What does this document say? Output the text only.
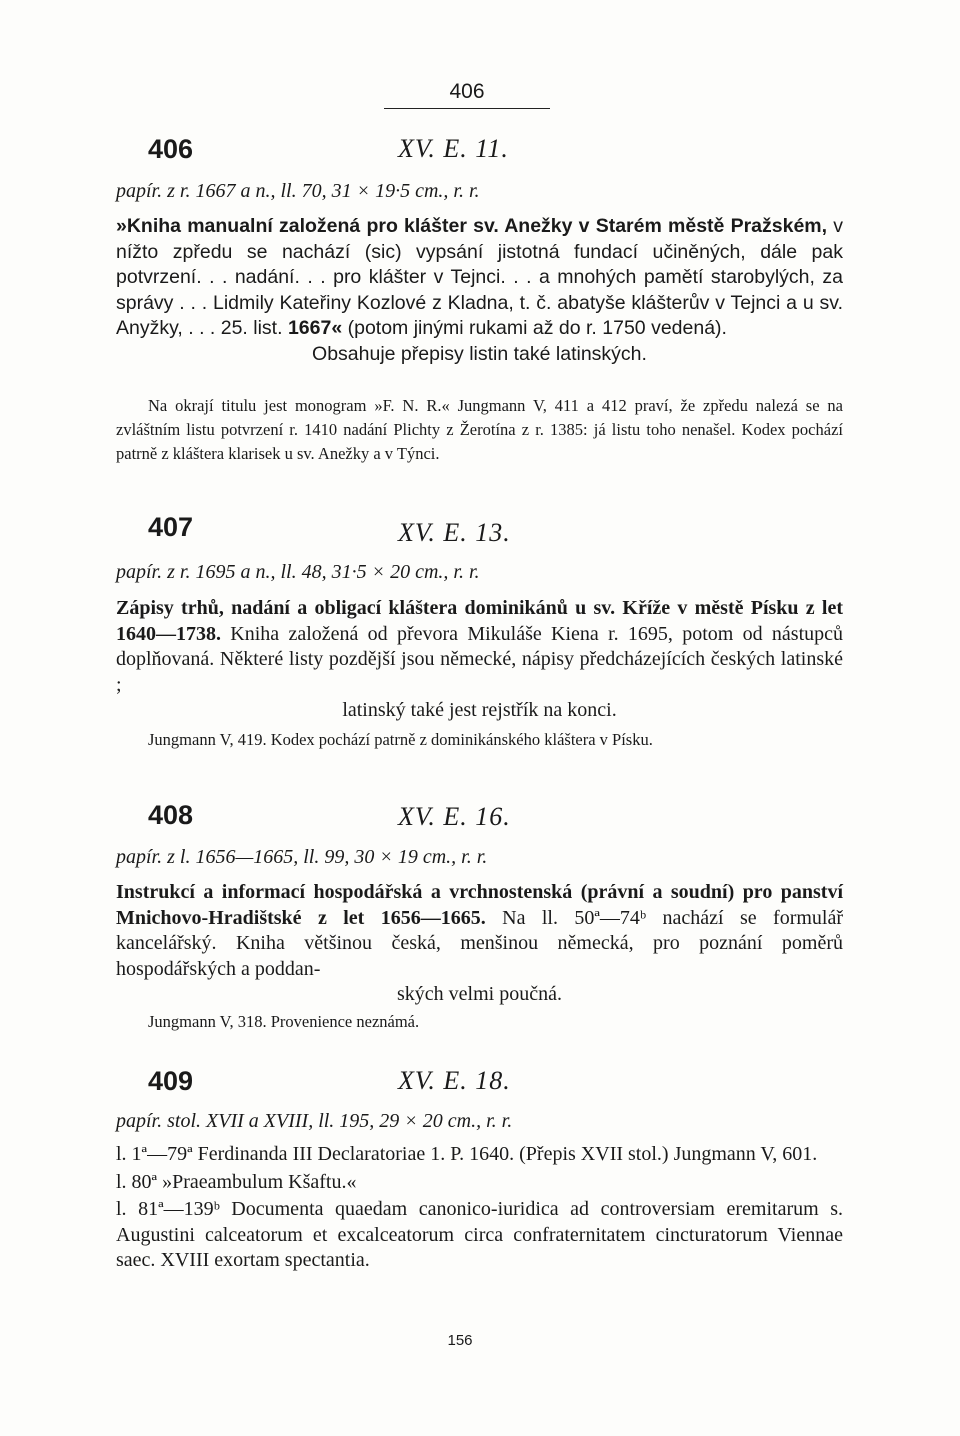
406
406	XV. E. 11.
papír. z r. 1667 a n., ll. 70, 31 × 19·5 cm., r. r.
»Kniha manualní založená pro klášter sv. Anežky v Starém městě Pražském, v nížto zpředu se nachází (sic) vypsání jistotná fundací učiněných, dále pak potvrzení. . . nadání. . . pro klášter v Tejnci. . . a mnohých pamětí starobylých, za správy . . . Lidmily Kateřiny Kozlové z Kladna, t. č. abatyše klášterův v Tejnci a u sv. Anyžky, . . . 25. list. 1667« (potom jinými rukami až do r. 1750 vedená).
Obsahuje přepisy listin také latinských.
Na okrají titulu jest monogram »F. N. R.« Jungmann V, 411 a 412 praví, že zpředu nalezá se na zvláštním listu potvrzení r. 1410 nadání Plichty z Žerotína z r. 1385: já listu toho nenašel. Kodex pochází patrně z kláštera klarisek u sv. Anežky a v Týnci.
407	XV. E. 13.
papír. z r. 1695 a n., ll. 48, 31·5 × 20 cm., r. r.
Zápisy trhů, nadání a obligací kláštera dominikánů u sv. Kříže v městě Písku z let 1640—1738. Kniha založená od převora Mikuláše Kiena r. 1695, potom od nástupců doplňovaná. Některé listy pozdější jsou německé, nápisy předcházejících českých latinské ;
latinský také jest rejstřík na konci.
Jungmann V, 419. Kodex pochází patrně z dominikánského kláštera v Písku.
408	XV. E. 16.
papír. z l. 1656—1665, ll. 99, 30 × 19 cm., r. r.
Instrukcí a informací hospodářská a vrchnostenská (právní a soudní) pro panství Mnichovo-Hradištské z let 1656—1665. Na ll. 50ª—74ᵇ nachází se formulář kancelářský. Kniha většinou česká, menšinou německá, pro poznání poměrů hospodářských a poddan-
ských velmi poučná.
Jungmann V, 318. Provenience neznámá.
409	XV. E. 18.
papír. stol. XVII a XVIII, ll. 195, 29 × 20 cm., r. r.

l. 1ª—79ª Ferdinanda III Declaratoriae 1. P. 1640. (Přepis XVII stol.) Jungmann V, 601.

l. 80ª »Praeambulum Kšaftu.«

l. 81ª—139ᵇ Documenta quaedam canonico-iuridica ad controversiam eremitarum s. Augustini calceatorum et excalceatorum circa confraternitatem cincturatorum Viennae saec. XVIII exortam spectantia.

156
